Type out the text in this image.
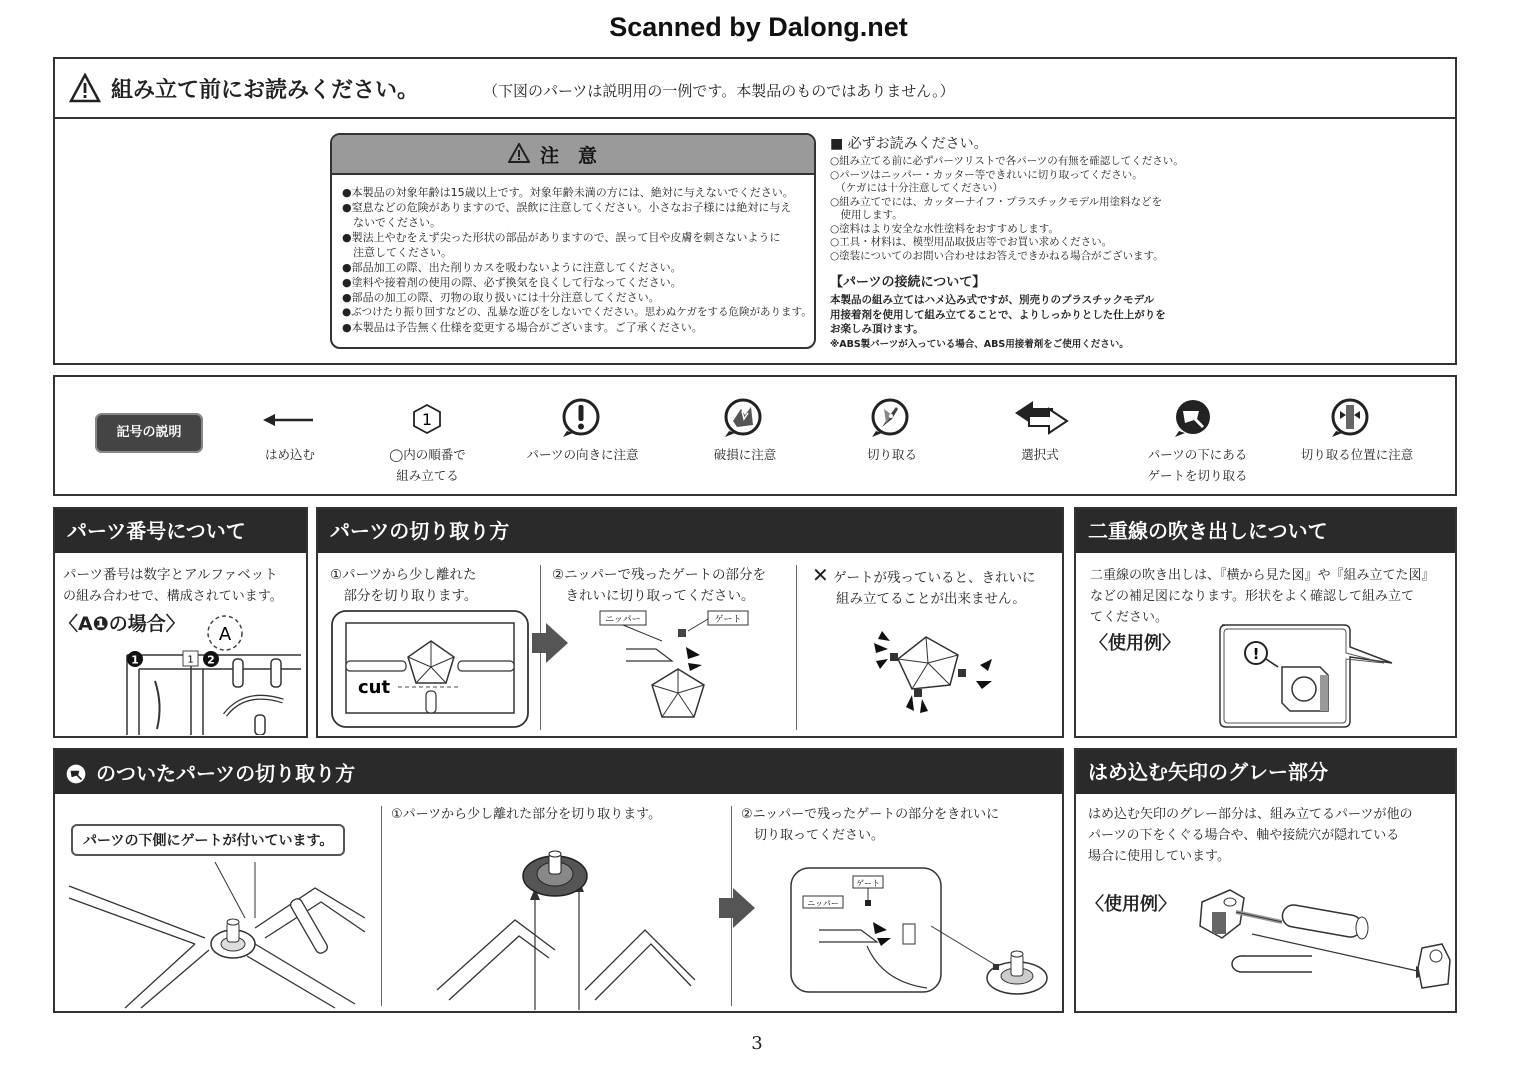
Scanned by Dalong.net
組み立て前にお読みください。	（下図のパーツは説明用の一例です。本製品のものではありません。）
注　意
●本製品の対象年齢は15歳以上です。対象年齢未満の方には、絶対に与えないでください。
●窒息などの危険がありますので、誤飲に注意してください。小さなお子様には絶対に与え
　ないでください。
●製法上やむをえず尖った形状の部品がありますので、誤って目や皮膚を刺さないように
　注意してください。
●部品加工の際、出た削りカスを吸わないように注意してください。
●塗料や接着剤の使用の際、必ず換気を良くして行なってください。
●部品の加工の際、刃物の取り扱いには十分注意してください。
●ぶつけたり振り回すなどの、乱暴な遊びをしないでください。思わぬケガをする危険があります。
●本製品は予告無く仕様を変更する場合がございます。ご了承ください。
■ 必ずお読みください。
○組み立てる前に必ずパーツリストで各パーツの有無を確認してください。
○パーツはニッパー・カッター等できれいに切り取ってください。
　（ケガには十分注意してください）
○組み立てでには、カッターナイフ・プラスチックモデル用塗料などを
　使用します。
○塗料はより安全な水性塗料をおすすめします。
○工具・材料は、模型用品取扱店等でお買い求めください。
○塗装についてのお問い合わせはお答えできかねる場合がございます。
【パーツの接続について】
本製品の組み立てはハメ込み式ですが、別売りのプラスチックモデル
用接着剤を使用して組み立てることで、よりしっかりとした仕上がりを
お楽しみ頂けます。
※ABS製パーツが入っている場合、ABS用接着剤をご使用ください。
記号の説明
はめ込む
1
◯内の順番で
組み立てる
パーツの向きに注意	破損に注意	切り取る	選択式	パーツの下にある
ゲートを切り取る
切り取る位置に注意
パーツ番号について
パーツ番号は数字とアルファベット
の組み合わせで、構成されています。
〈A❶の場合〉 A
1	1 2
パーツの切り取り方
①パーツから少し離れた
　部分を切り取ります。
cut
②ニッパーで残ったゲートの部分を
　きれいに切り取ってください。
ニッパー	ゲート
✕ ゲートが残っていると、きれいに
組み立てることが出来ません。
二重線の吹き出しについて
二重線の吹き出しは、『横から見た図』や『組み立てた図』
などの補足図になります。形状をよく確認して組み立て
てください。
〈使用例〉	!
のついたパーツの切り取り方
パーツの下側にゲートが付いています。
①パーツから少し離れた部分を切り取ります。	②ニッパーで残ったゲートの部分をきれいに
　切り取ってください。
ゲート
ニッパー
はめ込む矢印のグレー部分
はめ込む矢印のグレー部分は、組み立てるパーツが他の
パーツの下をくぐる場合や、軸や接続穴が隠れている
場合に使用しています。
〈使用例〉
3
